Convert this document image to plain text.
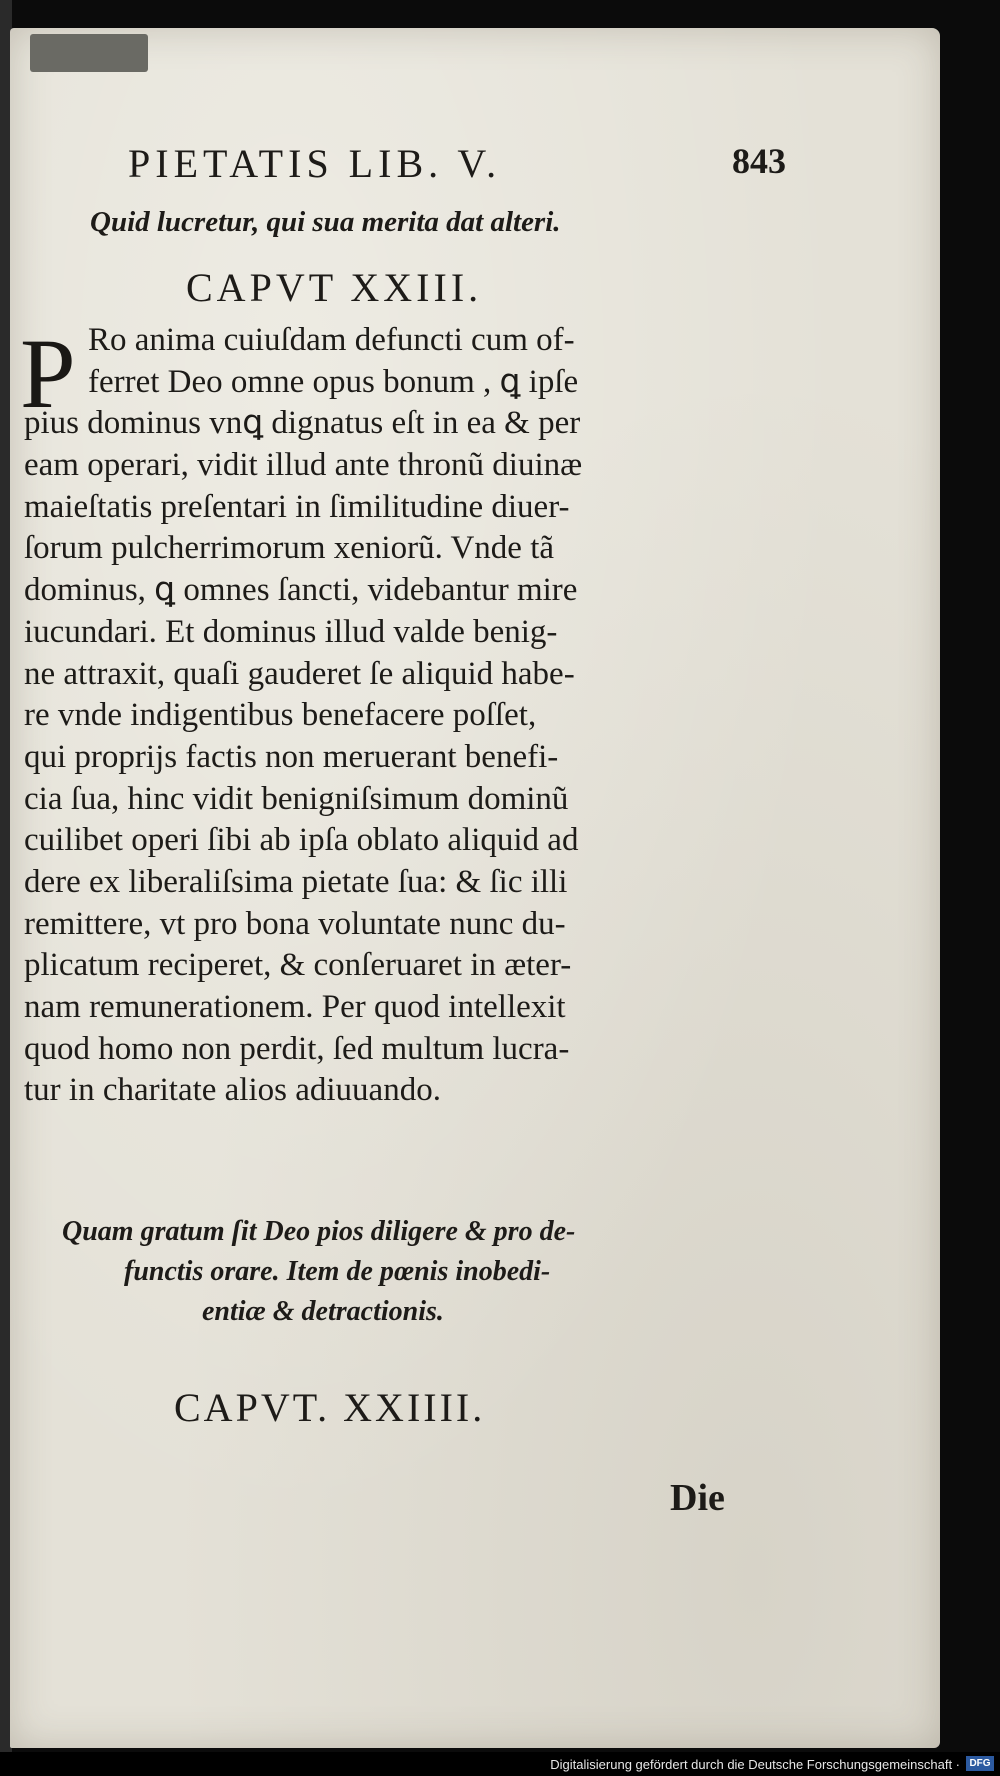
PIETATIS LIB. V.	843
Quid lucretur, qui sua merita dat alteri.
CAPVT XXIII.
P Ro anima cuiuſdam defuncti cum of-
ferret Deo omne opus bonum , ꝗ ipſe
pius dominus vnꝗ dignatus eſt in ea & per
eam operari, vidit illud ante thronũ diuinæ
maieſtatis preſentari in ſimilitudine diuer-
ſorum pulcherrimorum xeniorũ. Vnde tã
dominus, ꝗ omnes ſancti, videbantur mire
iucundari. Et dominus illud valde benig-
ne attraxit, quaſi gauderet ſe aliquid habe-
re vnde indigentibus benefacere poſſet,
qui proprijs factis non meruerant benefi-
cia ſua, hinc vidit benigniſsimum dominũ
cuilibet operi ſibi ab ipſa oblato aliquid ad
dere ex liberaliſsima pietate ſua: & ſic illi
remittere, vt pro bona voluntate nunc du-
plicatum reciperet, & conſeruaret in æter-
nam remunerationem. Per quod intellexit
quod homo non perdit, ſed multum lucra-
tur in charitate alios adiuuando.
Quam gratum ſit Deo pios diligere & pro de-
functis orare. Item de pœnis inobedi-
entiæ & detractionis.
CAPVT. XXIIII.
Die
Digitalisierung gefördert durch die Deutsche Forschungsgemeinschaft · DFG
